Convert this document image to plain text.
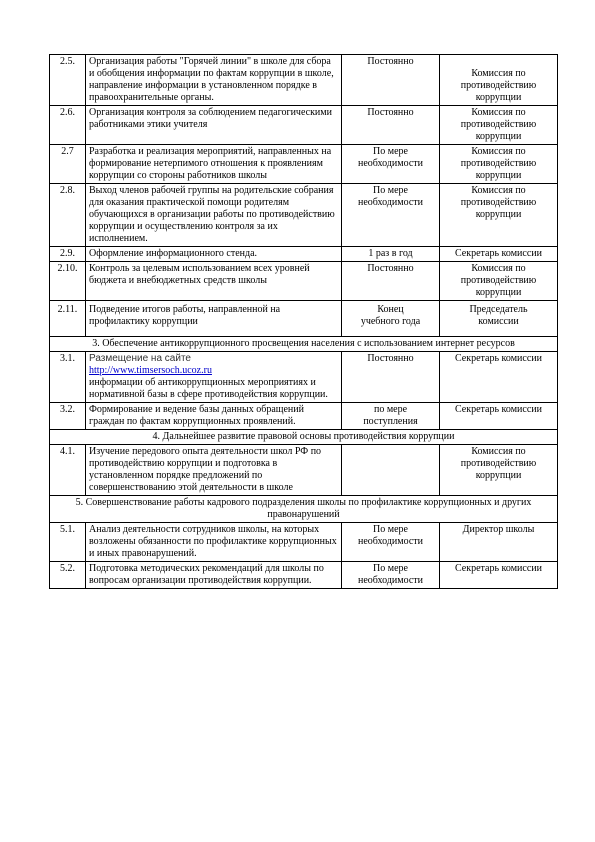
2.5.	Организация работы "Горячей линии" в школе для сбора и обобщения информации по фактам коррупции в школе, направление информации в установленном порядке в правоохранительные органы.	Постоянно	Комиссия по противодействию коррупции
2.6.	Организация контроля за соблюдением педагогическими работниками этики учителя	Постоянно	Комиссия по противодействию коррупции
2.7	Разработка и реализация мероприятий, направленных на формирование нетерпимого отношения к проявлениям коррупции со стороны работников школы	По мере необходимости	Комиссия по противодействию коррупции
2.8.	Выход членов рабочей группы на родительские собрания для оказания практической помощи родителям обучающихся в организации работы по противодействию коррупции и осуществлению контроля за их исполнением.	По мере необходимости	Комиссия по противодействию коррупции
2.9.	Оформление информационного стенда.	1 раз в год	Секретарь комиссии
2.10.	Контроль за целевым использованием всех уровней бюджета и внебюджетных средств школы	Постоянно	Комиссия по противодействию коррупции
2.11.	Подведение итогов работы, направленной на профилактику коррупции	Конец учебного года	Председатель комиссии
3. Обеспечение антикоррупционного просвещения населения с использованием интернет ресурсов			
3.1.	Размещение на сайте
http://www.timsersoch.ucoz.ru
информации об антикоррупционных мероприятиях и нормативной базы в сфере противодействия коррупции.	Постоянно	Секретарь комиссии
3.2.	Формирование и ведение базы данных обращений граждан по фактам коррупционных проявлений.	по мере поступления	Секретарь комиссии
4. Дальнейшее развитие правовой основы противодействия коррупции			
4.1.	Изучение передового опыта деятельности школ РФ по противодействию коррупции и подготовка в установленном порядке предложений по совершенствованию этой деятельности в школе		Комиссия по противодействию коррупции
5. Совершенствование работы кадрового подразделения школы по профилактике коррупционных и других правонарушений			
5.1.	Анализ деятельности сотрудников школы, на которых возложены обязанности по профилактике коррупционных и иных правонарушений.	По мере необходимости	Директор школы
5.2.	Подготовка методических рекомендаций для школы по вопросам организации противодействия коррупции.	По мере необходимости	Секретарь комиссии
